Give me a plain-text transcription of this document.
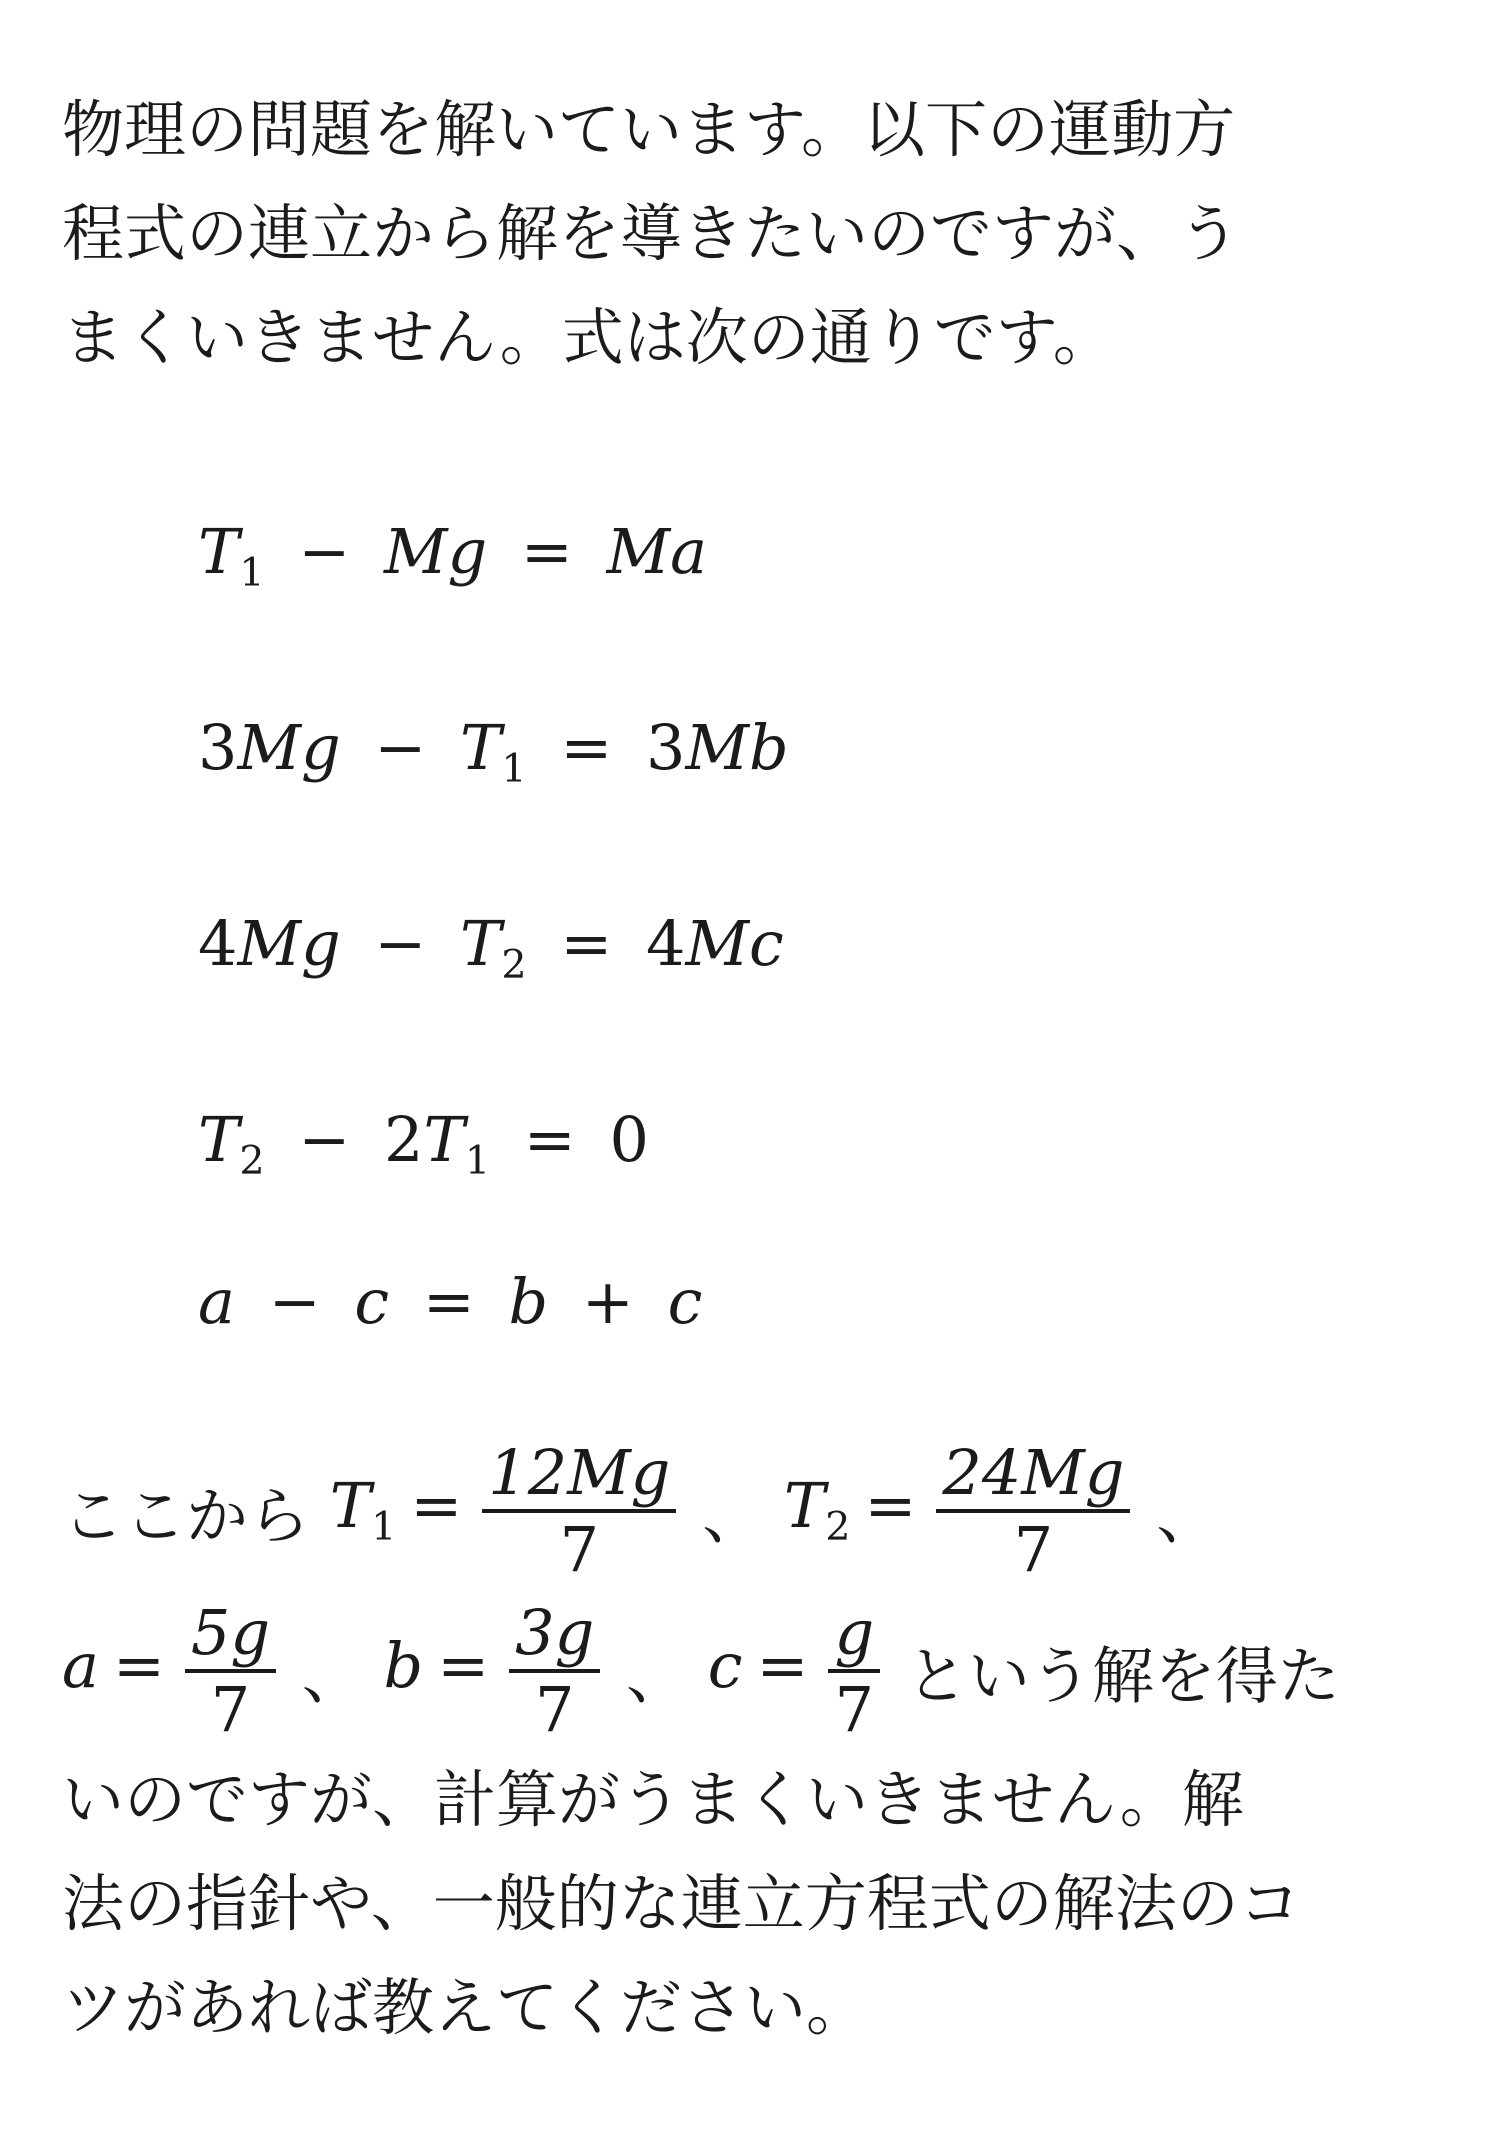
物理の問題を解いています。以下の運動方
程式の連立から解を導きたいのですが、う
まくいきません。式は次の通りです。
$T_1 - Mg = Ma$
$3Mg - T_1 = 3Mb$
$4Mg - T_2 = 4Mc$
$T_2 - 2T_1 = 0$
a − c = b + c
ここから $T_1 = \frac{12Mg}{7}$ 、 $T_2 = \frac{24Mg}{7}$ 、
$a = \frac{5g}{7}$ 、 $b = \frac{3g}{7}$ 、 $c = \frac{g}{7}$ という解を得た
いのですが、計算がうまくいきません。解
法の指針や、一般的な連立方程式の解法のコ
ツがあれば教えてください。
